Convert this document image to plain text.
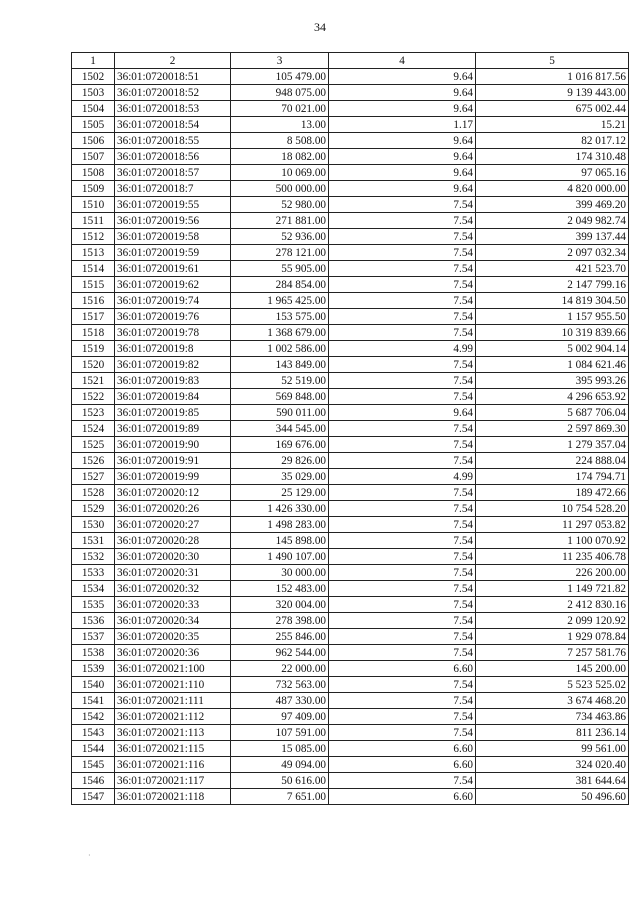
34
1	2	3	4	5
1502	36:01:0720018:51	105 479.00	9.64	1 016 817.56
1503	36:01:0720018:52	948 075.00	9.64	9 139 443.00
1504	36:01:0720018:53	70 021.00	9.64	675 002.44
1505	36:01:0720018:54	13.00	1.17	15.21
1506	36:01:0720018:55	8 508.00	9.64	82 017.12
1507	36:01:0720018:56	18 082.00	9.64	174 310.48
1508	36:01:0720018:57	10 069.00	9.64	97 065.16
1509	36:01:0720018:7	500 000.00	9.64	4 820 000.00
1510	36:01:0720019:55	52 980.00	7.54	399 469.20
1511	36:01:0720019:56	271 881.00	7.54	2 049 982.74
1512	36:01:0720019:58	52 936.00	7.54	399 137.44
1513	36:01:0720019:59	278 121.00	7.54	2 097 032.34
1514	36:01:0720019:61	55 905.00	7.54	421 523.70
1515	36:01:0720019:62	284 854.00	7.54	2 147 799.16
1516	36:01:0720019:74	1 965 425.00	7.54	14 819 304.50
1517	36:01:0720019:76	153 575.00	7.54	1 157 955.50
1518	36:01:0720019:78	1 368 679.00	7.54	10 319 839.66
1519	36:01:0720019:8	1 002 586.00	4.99	5 002 904.14
1520	36:01:0720019:82	143 849.00	7.54	1 084 621.46
1521	36:01:0720019:83	52 519.00	7.54	395 993.26
1522	36:01:0720019:84	569 848.00	7.54	4 296 653.92
1523	36:01:0720019:85	590 011.00	9.64	5 687 706.04
1524	36:01:0720019:89	344 545.00	7.54	2 597 869.30
1525	36:01:0720019:90	169 676.00	7.54	1 279 357.04
1526	36:01:0720019:91	29 826.00	7.54	224 888.04
1527	36:01:0720019:99	35 029.00	4.99	174 794.71
1528	36:01:0720020:12	25 129.00	7.54	189 472.66
1529	36:01:0720020:26	1 426 330.00	7.54	10 754 528.20
1530	36:01:0720020:27	1 498 283.00	7.54	11 297 053.82
1531	36:01:0720020:28	145 898.00	7.54	1 100 070.92
1532	36:01:0720020:30	1 490 107.00	7.54	11 235 406.78
1533	36:01:0720020:31	30 000.00	7.54	226 200.00
1534	36:01:0720020:32	152 483.00	7.54	1 149 721.82
1535	36:01:0720020:33	320 004.00	7.54	2 412 830.16
1536	36:01:0720020:34	278 398.00	7.54	2 099 120.92
1537	36:01:0720020:35	255 846.00	7.54	1 929 078.84
1538	36:01:0720020:36	962 544.00	7.54	7 257 581.76
1539	36:01:0720021:100	22 000.00	6.60	145 200.00
1540	36:01:0720021:110	732 563.00	7.54	5 523 525.02
1541	36:01:0720021:111	487 330.00	7.54	3 674 468.20
1542	36:01:0720021:112	97 409.00	7.54	734 463.86
1543	36:01:0720021:113	107 591.00	7.54	811 236.14
1544	36:01:0720021:115	15 085.00	6.60	99 561.00
1545	36:01:0720021:116	49 094.00	6.60	324 020.40
1546	36:01:0720021:117	50 616.00	7.54	381 644.64
1547	36:01:0720021:118	7 651.00	6.60	50 496.60
·
